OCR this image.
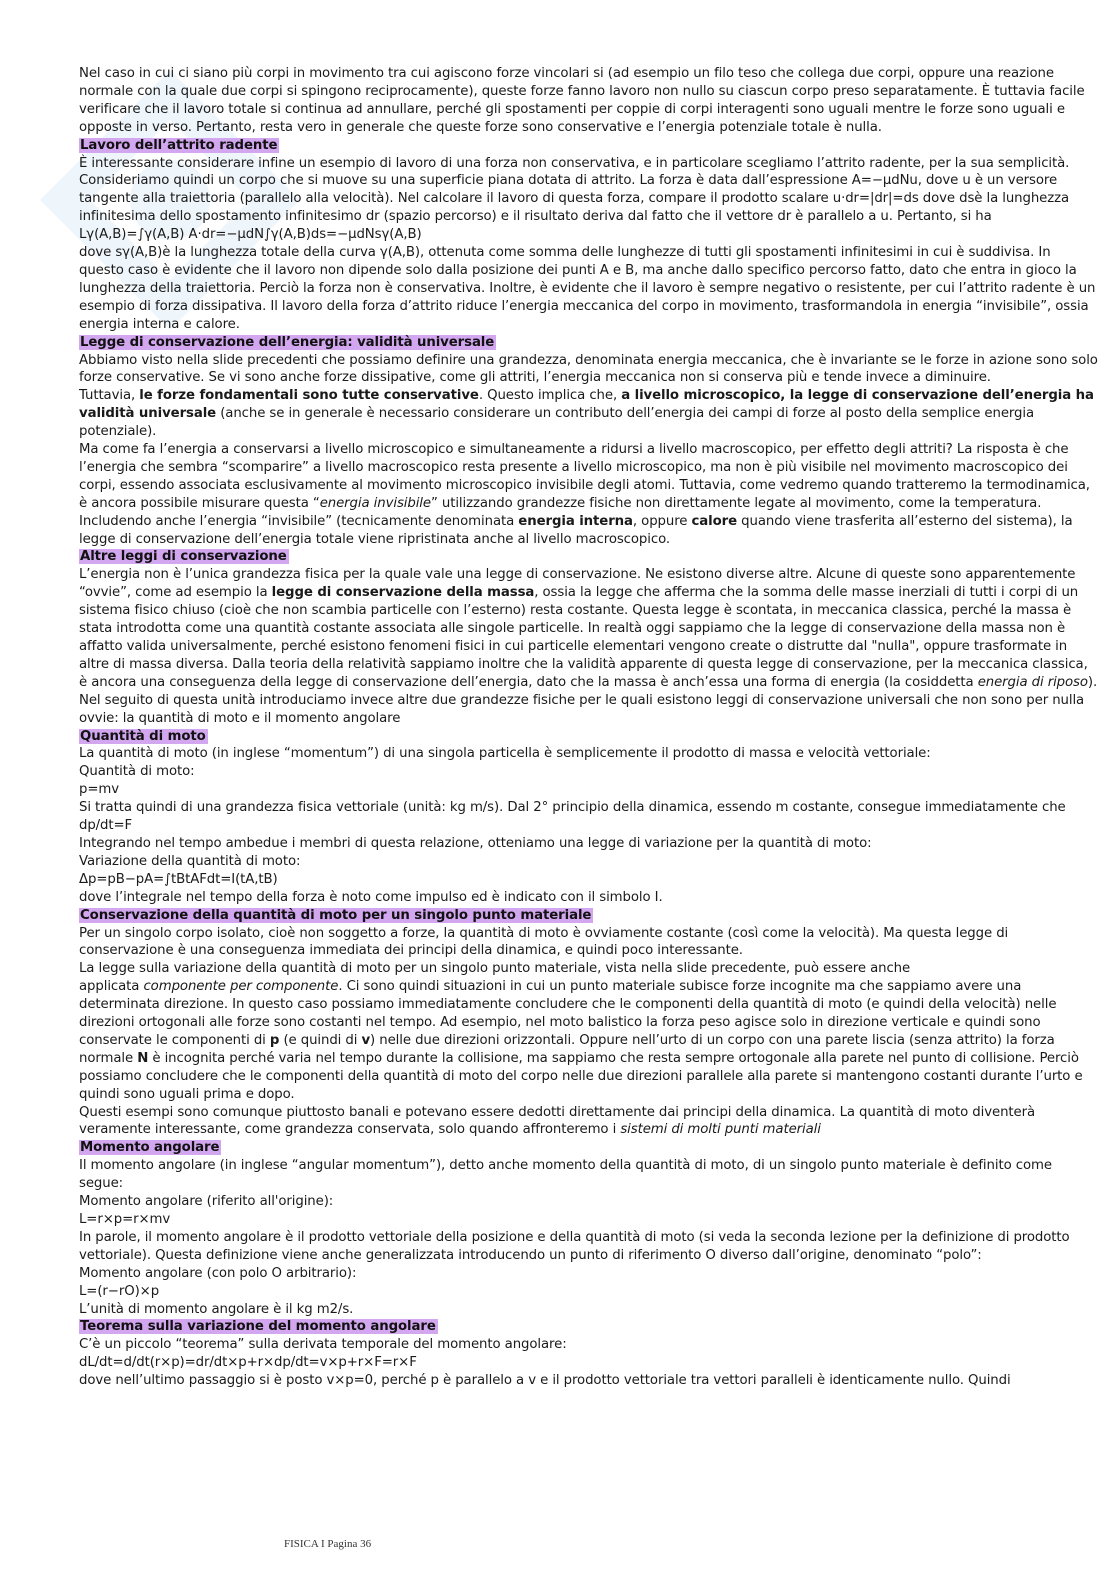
Nel caso in cui ci siano più corpi in movimento tra cui agiscono forze vincolari si (ad esempio un filo teso che collega due corpi, oppure una reazione normale con la quale due corpi si spingono reciprocamente), queste forze fanno lavoro non nullo su ciascun corpo preso separatamente. È tuttavia facile verificare che il lavoro totale si continua ad annullare, perché gli spostamenti per coppie di corpi interagenti sono uguali mentre le forze sono uguali e opposte in verso. Pertanto, resta vero in generale che queste forze sono conservative e l’energia potenziale totale è nulla.

Lavoro dell’attrito radente

È interessante considerare infine un esempio di lavoro di una forza non conservativa, e in particolare scegliamo l’attrito radente, per la sua semplicità.

Consideriamo quindi un corpo che si muove su una superficie piana dotata di attrito. La forza è data dall’espressione A=−μdNu, dove u è un versore tangente alla traiettoria (parallelo alla velocità). Nel calcolare il lavoro di questa forza, compare il prodotto scalare u·dr=|dr|=ds dove dsè la lunghezza infinitesima dello spostamento infinitesimo dr (spazio percorso) e il risultato deriva dal fatto che il vettore dr è parallelo a u. Pertanto, si ha

Lγ(A,B)=∫γ(A,B) A·dr=−μdN∫γ(A,B)ds=−μdNsγ(A,B)

dove sγ(A,B)è la lunghezza totale della curva γ(A,B), ottenuta come somma delle lunghezze di tutti gli spostamenti infinitesimi in cui è suddivisa. In questo caso è evidente che il lavoro non dipende solo dalla posizione dei punti A e B, ma anche dallo specifico percorso fatto, dato che entra in gioco la lunghezza della traiettoria. Perciò la forza non è conservativa. Inoltre, è evidente che il lavoro è sempre negativo o resistente, per cui l’attrito radente è un esempio di forza dissipativa. Il lavoro della forza d’attrito riduce l’energia meccanica del corpo in movimento, trasformandola in energia “invisibile”, ossia energia interna e calore.

Legge di conservazione dell’energia: validità universale

Abbiamo visto nella slide precedenti che possiamo definire una grandezza, denominata energia meccanica, che è invariante se le forze in azione sono solo forze conservative. Se vi sono anche forze dissipative, come gli attriti, l’energia meccanica non si conserva più e tende invece a diminuire.

Tuttavia, le forze fondamentali sono tutte conservative. Questo implica che, a livello microscopico, la legge di conservazione dell’energia ha validità universale (anche se in generale è necessario considerare un contributo dell’energia dei campi di forze al posto della semplice energia potenziale).

Ma come fa l’energia a conservarsi a livello microscopico e simultaneamente a ridursi a livello macroscopico, per effetto degli attriti? La risposta è che l’energia che sembra “scomparire” a livello macroscopico resta presente a livello microscopico, ma non è più visibile nel movimento macroscopico dei corpi, essendo associata esclusivamente al movimento microscopico invisibile degli atomi. Tuttavia, come vedremo quando tratteremo la termodinamica, è ancora possibile misurare questa “energia invisibile” utilizzando grandezze fisiche non direttamente legate al movimento, come la temperatura. Includendo anche l’energia “invisibile” (tecnicamente denominata energia interna, oppure calore quando viene trasferita all’esterno del sistema), la legge di conservazione dell’energia totale viene ripristinata anche al livello macroscopico.

Altre leggi di conservazione

L’energia non è l’unica grandezza fisica per la quale vale una legge di conservazione. Ne esistono diverse altre. Alcune di queste sono apparentemente “ovvie”, come ad esempio la legge di conservazione della massa, ossia la legge che afferma che la somma delle masse inerziali di tutti i corpi di un sistema fisico chiuso (cioè che non scambia particelle con l’esterno) resta costante. Questa legge è scontata, in meccanica classica, perché la massa è stata introdotta come una quantità costante associata alle singole particelle. In realtà oggi sappiamo che la legge di conservazione della massa non è affatto valida universalmente, perché esistono fenomeni fisici in cui particelle elementari vengono create o distrutte dal "nulla", oppure trasformate in altre di massa diversa. Dalla teoria della relatività sappiamo inoltre che la validità apparente di questa legge di conservazione, per la meccanica classica, è ancora una conseguenza della legge di conservazione dell’energia, dato che la massa è anch’essa una forma di energia (la cosiddetta energia di riposo).

Nel seguito di questa unità introduciamo invece altre due grandezze fisiche per le quali esistono leggi di conservazione universali che non sono per nulla ovvie: la quantità di moto e il momento angolare

Quantità di moto

La quantità di moto (in inglese “momentum”) di una singola particella è semplicemente il prodotto di massa e velocità vettoriale:

Quantità di moto:

p=mv

Si tratta quindi di una grandezza fisica vettoriale (unità: kg m/s). Dal 2° principio della dinamica, essendo m costante, consegue immediatamente che

dp/dt=F

Integrando nel tempo ambedue i membri di questa relazione, otteniamo una legge di variazione per la quantità di moto:

Variazione della quantità di moto:

Δp=pB−pA=∫tBtAFdt=I(tA,tB)

dove l’integrale nel tempo della forza è noto come impulso ed è indicato con il simbolo I.

Conservazione della quantità di moto per un singolo punto materiale

Per un singolo corpo isolato, cioè non soggetto a forze, la quantità di moto è ovviamente costante (così come la velocità). Ma questa legge di conservazione è una conseguenza immediata dei principi della dinamica, e quindi poco interessante.

La legge sulla variazione della quantità di moto per un singolo punto materiale, vista nella slide precedente, può essere anche

applicata componente per componente. Ci sono quindi situazioni in cui un punto materiale subisce forze incognite ma che sappiamo avere una determinata direzione. In questo caso possiamo immediatamente concludere che le componenti della quantità di moto (e quindi della velocità) nelle direzioni ortogonali alle forze sono costanti nel tempo. Ad esempio, nel moto balistico la forza peso agisce solo in direzione verticale e quindi sono conservate le componenti di p (e quindi di v) nelle due direzioni orizzontali. Oppure nell’urto di un corpo con una parete liscia (senza attrito) la forza normale N è incognita perché varia nel tempo durante la collisione, ma sappiamo che resta sempre ortogonale alla parete nel punto di collisione. Perciò possiamo concludere che le componenti della quantità di moto del corpo nelle due direzioni parallele alla parete si mantengono costanti durante l’urto e quindi sono uguali prima e dopo.

Questi esempi sono comunque piuttosto banali e potevano essere dedotti direttamente dai principi della dinamica. La quantità di moto diventerà veramente interessante, come grandezza conservata, solo quando affronteremo i sistemi di molti punti materiali

Momento angolare

Il momento angolare (in inglese “angular momentum”), detto anche momento della quantità di moto, di un singolo punto materiale è definito come segue:

Momento angolare (riferito all'origine):

L=r×p=r×mv

In parole, il momento angolare è il prodotto vettoriale della posizione e della quantità di moto (si veda la seconda lezione per la definizione di prodotto vettoriale). Questa definizione viene anche generalizzata introducendo un punto di riferimento O diverso dall’origine, denominato “polo”:

Momento angolare (con polo O arbitrario):

L=(r−rO)×p

L’unità di momento angolare è il kg m2/s.

Teorema sulla variazione del momento angolare

C’è un piccolo “teorema” sulla derivata temporale del momento angolare:

dL/dt=d/dt(r×p)=dr/dt×p+r×dp/dt=v×p+r×F=r×F

dove nell’ultimo passaggio si è posto v×p=0, perché p è parallelo a v e il prodotto vettoriale tra vettori paralleli è identicamente nullo. Quindi

FISICA I Pagina 36
